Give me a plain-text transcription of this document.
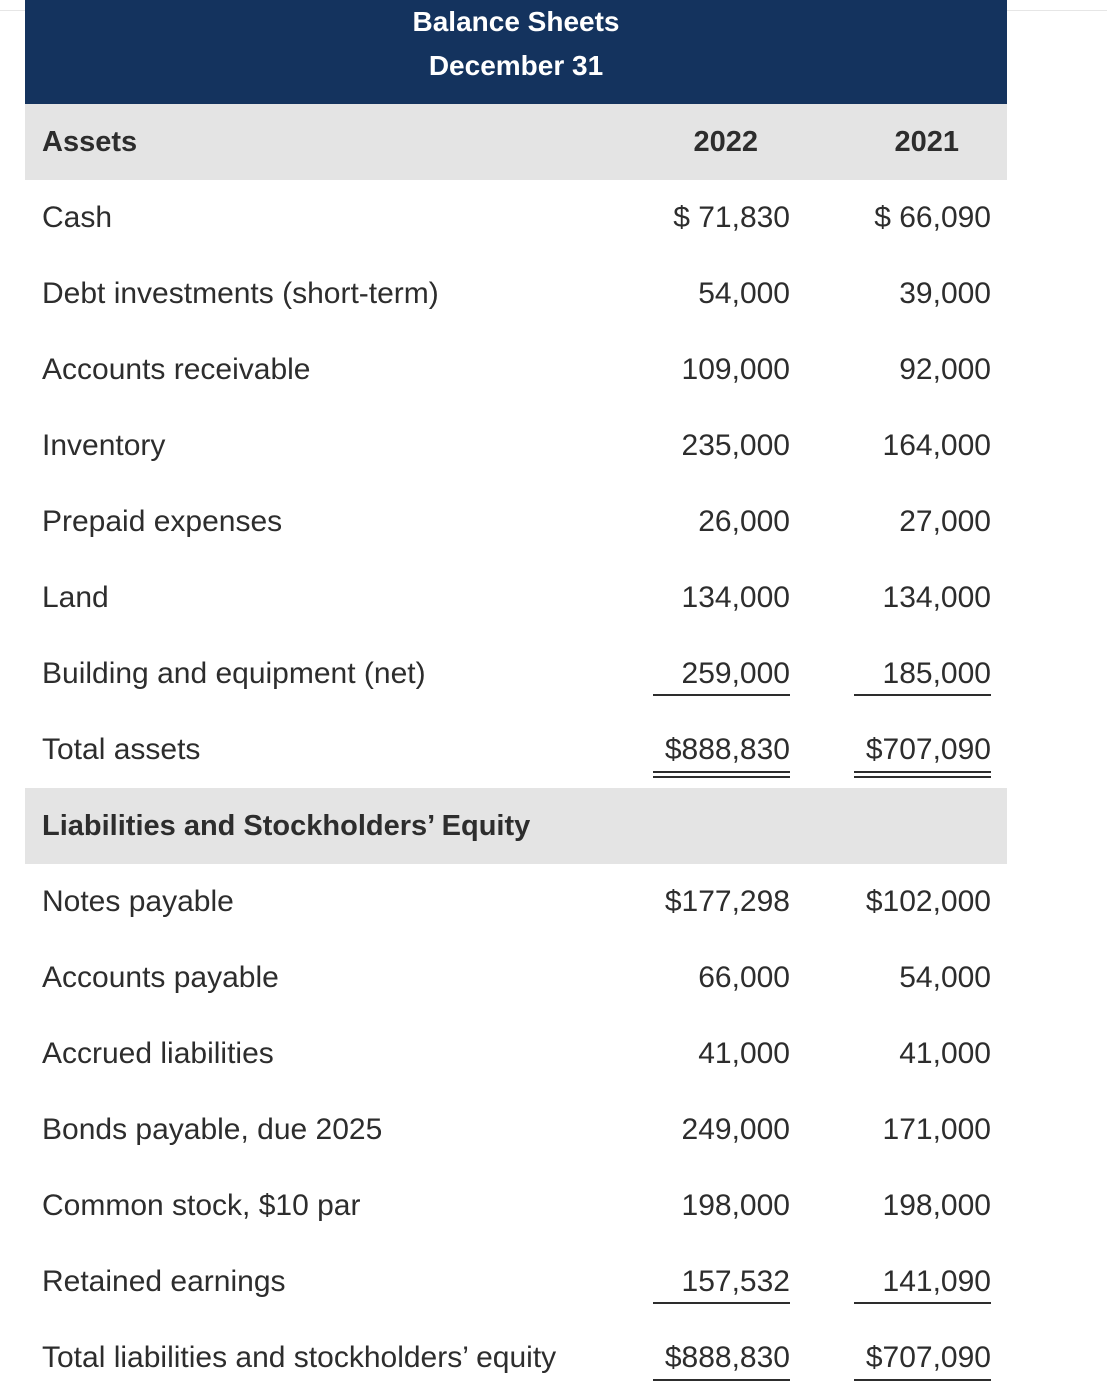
Balance Sheets
December 31
Assets	2022	2021
Cash	$ 71,830	$ 66,090
Debt investments (short-term)	54,000	39,000
Accounts receivable	109,000	92,000
Inventory	235,000	164,000
Prepaid expenses	26,000	27,000
Land	134,000	134,000
Building and equipment (net)	259,000	185,000
Total assets	$888,830	$707,090
Liabilities and Stockholders’ Equity
Notes payable	$177,298	$102,000
Accounts payable	66,000	54,000
Accrued liabilities	41,000	41,000
Bonds payable, due 2025	249,000	171,000
Common stock, $10 par	198,000	198,000
Retained earnings	157,532	141,090
Total liabilities and stockholders’ equity	$888,830	$707,090
